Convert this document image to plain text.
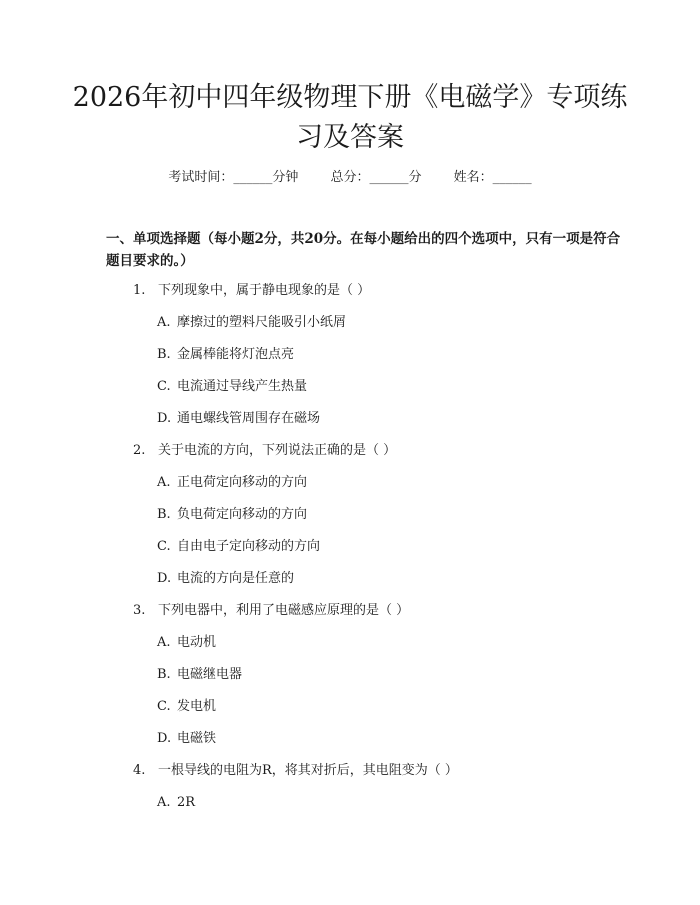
2026年初中四年级物理下册《电磁学》专项练习及答案
考试时间：______分钟 总分：______分 姓名：______

一、单项选择题（每小题2分，共20分。在每小题给出的四个选项中，只有一项是符合题目要求的。）

1. 下列现象中，属于静电现象的是（ ）
A. 摩擦过的塑料尺能吸引小纸屑
B. 金属棒能将灯泡点亮
C. 电流通过导线产生热量
D. 通电螺线管周围存在磁场
2. 关于电流的方向，下列说法正确的是（ ）
A. 正电荷定向移动的方向
B. 负电荷定向移动的方向
C. 自由电子定向移动的方向
D. 电流的方向是任意的
3. 下列电器中，利用了电磁感应原理的是（ ）
A. 电动机
B. 电磁继电器
C. 发电机
D. 电磁铁
4. 一根导线的电阻为R，将其对折后，其电阻变为（ ）
A. 2R
